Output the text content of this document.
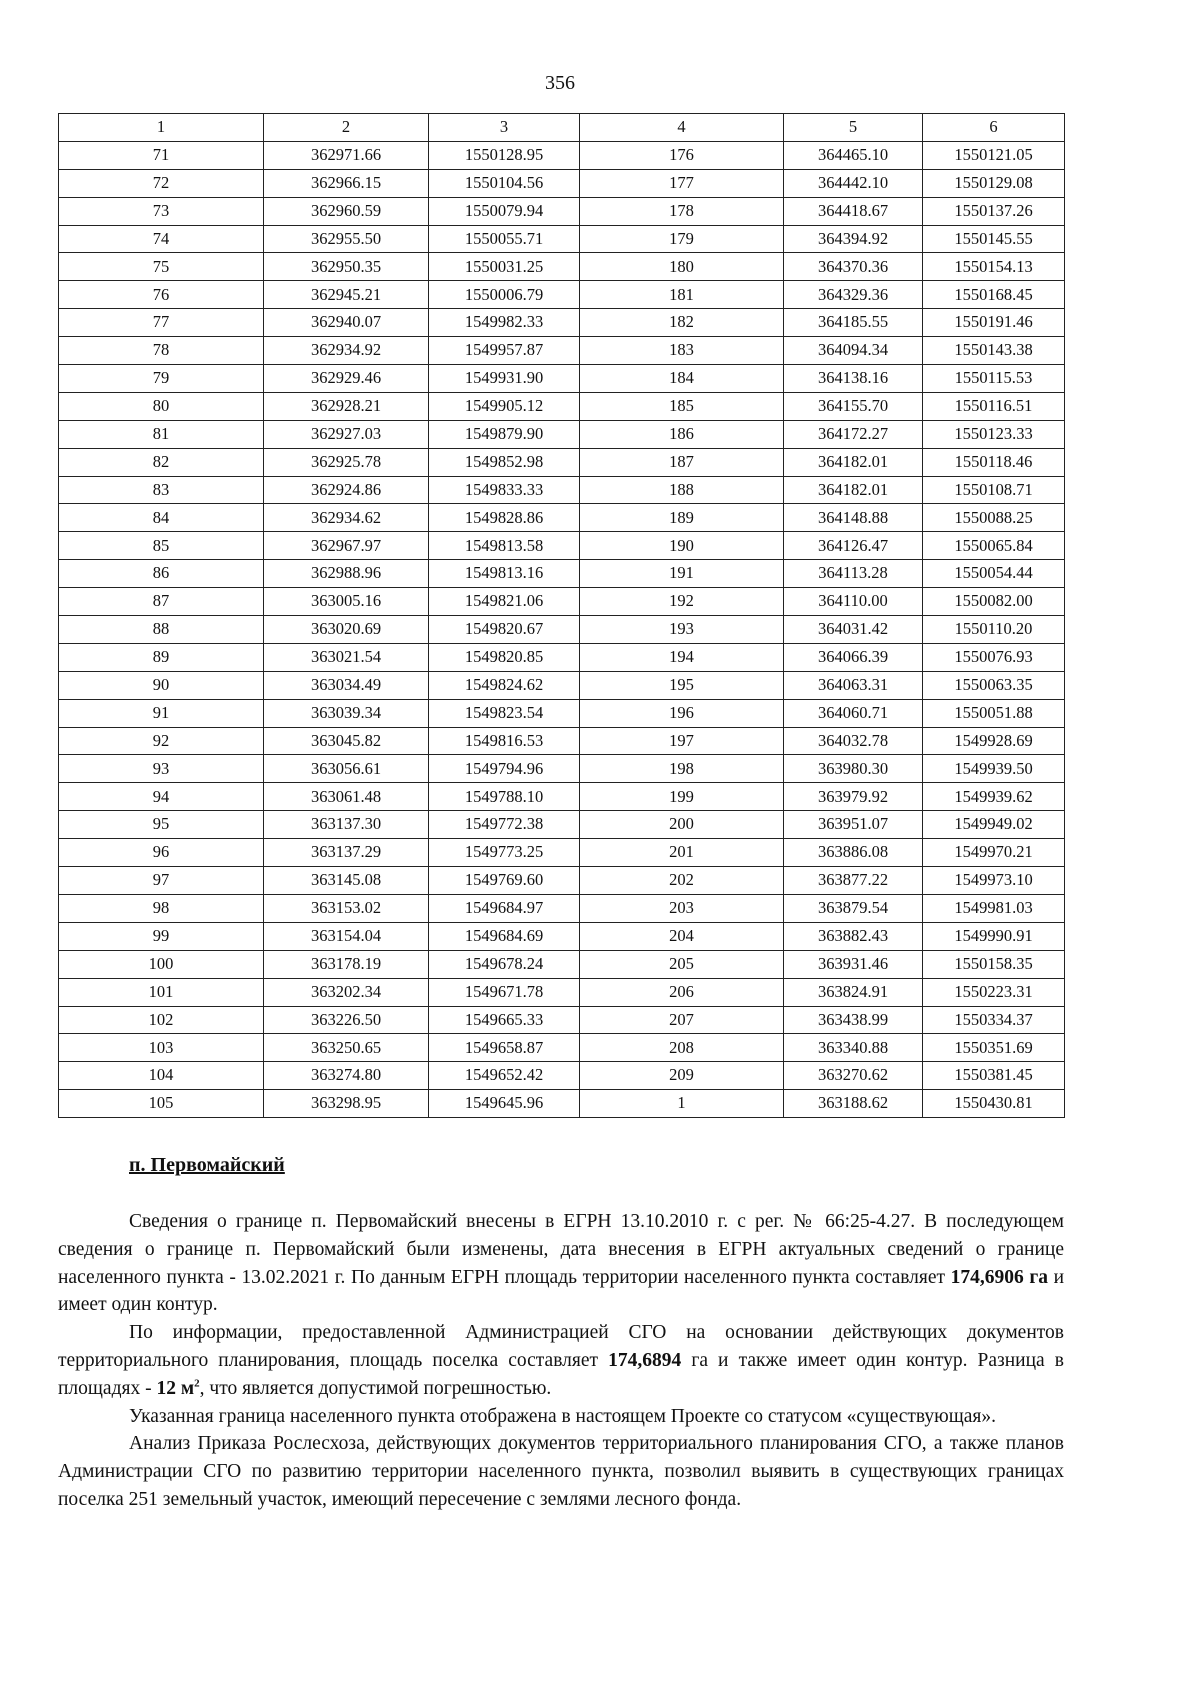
356
1	2	3	4	5	6
71	362971.66	1550128.95	176	364465.10	1550121.05
72	362966.15	1550104.56	177	364442.10	1550129.08
73	362960.59	1550079.94	178	364418.67	1550137.26
74	362955.50	1550055.71	179	364394.92	1550145.55
75	362950.35	1550031.25	180	364370.36	1550154.13
76	362945.21	1550006.79	181	364329.36	1550168.45
77	362940.07	1549982.33	182	364185.55	1550191.46
78	362934.92	1549957.87	183	364094.34	1550143.38
79	362929.46	1549931.90	184	364138.16	1550115.53
80	362928.21	1549905.12	185	364155.70	1550116.51
81	362927.03	1549879.90	186	364172.27	1550123.33
82	362925.78	1549852.98	187	364182.01	1550118.46
83	362924.86	1549833.33	188	364182.01	1550108.71
84	362934.62	1549828.86	189	364148.88	1550088.25
85	362967.97	1549813.58	190	364126.47	1550065.84
86	362988.96	1549813.16	191	364113.28	1550054.44
87	363005.16	1549821.06	192	364110.00	1550082.00
88	363020.69	1549820.67	193	364031.42	1550110.20
89	363021.54	1549820.85	194	364066.39	1550076.93
90	363034.49	1549824.62	195	364063.31	1550063.35
91	363039.34	1549823.54	196	364060.71	1550051.88
92	363045.82	1549816.53	197	364032.78	1549928.69
93	363056.61	1549794.96	198	363980.30	1549939.50
94	363061.48	1549788.10	199	363979.92	1549939.62
95	363137.30	1549772.38	200	363951.07	1549949.02
96	363137.29	1549773.25	201	363886.08	1549970.21
97	363145.08	1549769.60	202	363877.22	1549973.10
98	363153.02	1549684.97	203	363879.54	1549981.03
99	363154.04	1549684.69	204	363882.43	1549990.91
100	363178.19	1549678.24	205	363931.46	1550158.35
101	363202.34	1549671.78	206	363824.91	1550223.31
102	363226.50	1549665.33	207	363438.99	1550334.37
103	363250.65	1549658.87	208	363340.88	1550351.69
104	363274.80	1549652.42	209	363270.62	1550381.45
105	363298.95	1549645.96	1	363188.62	1550430.81
п. Первомайский

Сведения о границе п. Первомайский внесены в ЕГРН 13.10.2010 г. с рег. № 66:25-4.27. В последующем сведения о границе п. Первомайский были изменены, дата внесения в ЕГРН актуальных сведений о границе населенного пункта - 13.02.2021 г. По данным ЕГРН площадь территории населенного пункта составляет 174,6906 га и имеет один контур.

По информации, предоставленной Администрацией СГО на основании действующих документов территориального планирования, площадь поселка составляет 174,6894 га и также имеет один контур. Разница в площадях - 12 $м^2$, что является допустимой погрешностью.

Указанная граница населенного пункта отображена в настоящем Проекте со статусом «существующая».

Анализ Приказа Рослесхоза, действующих документов территориального планирования СГО, а также планов Администрации СГО по развитию территории населенного пункта, позволил выявить в существующих границах поселка 251 земельный участок, имеющий пересечение с землями лесного фонда.
